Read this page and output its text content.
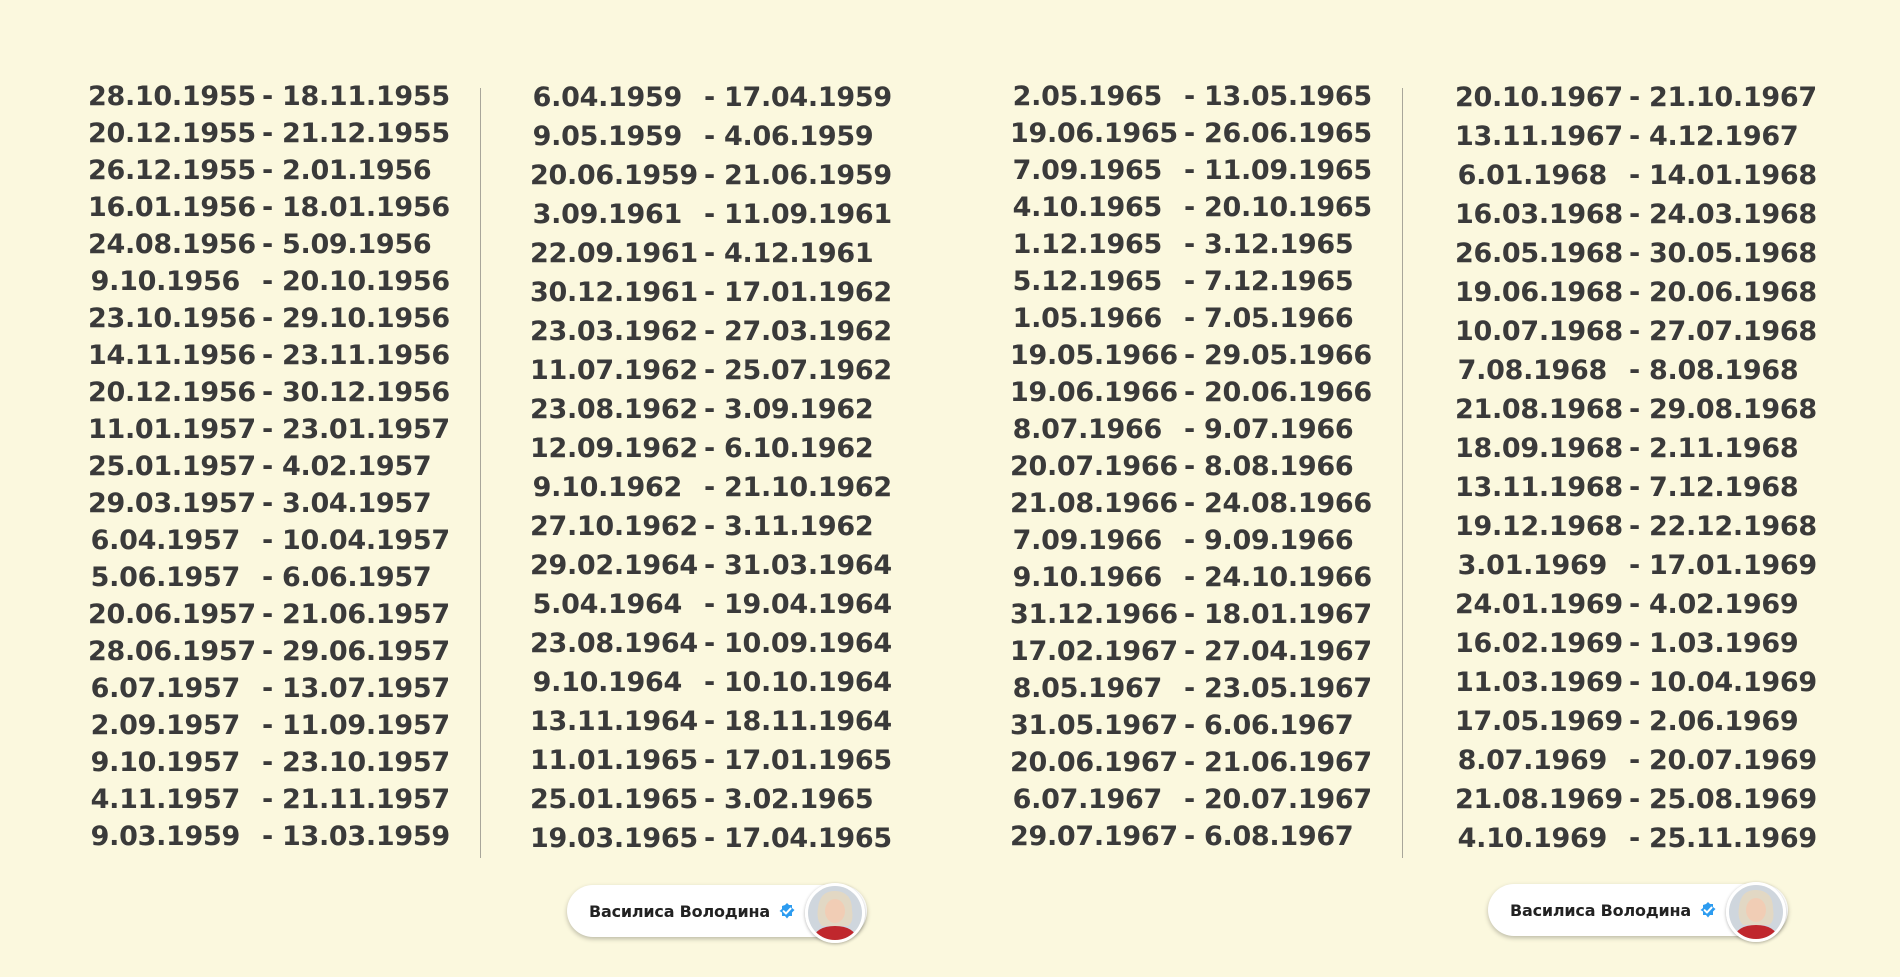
28.10.1955 - 18.11.1955
20.12.1955 - 21.12.1955
26.12.1955 - 2.01.1956
16.01.1956 - 18.01.1956
24.08.1956 - 5.09.1956
9.10.1956 - 20.10.1956
23.10.1956 - 29.10.1956
14.11.1956 - 23.11.1956
20.12.1956 - 30.12.1956
11.01.1957 - 23.01.1957
25.01.1957 - 4.02.1957
29.03.1957 - 3.04.1957
6.04.1957 - 10.04.1957
5.06.1957 - 6.06.1957
20.06.1957 - 21.06.1957
28.06.1957 - 29.06.1957
6.07.1957 - 13.07.1957
2.09.1957 - 11.09.1957
9.10.1957 - 23.10.1957
4.11.1957 - 21.11.1957
9.03.1959 - 13.03.1959
6.04.1959 - 17.04.1959
9.05.1959 - 4.06.1959
20.06.1959 - 21.06.1959
3.09.1961 - 11.09.1961
22.09.1961 - 4.12.1961
30.12.1961 - 17.01.1962
23.03.1962 - 27.03.1962
11.07.1962 - 25.07.1962
23.08.1962 - 3.09.1962
12.09.1962 - 6.10.1962
9.10.1962 - 21.10.1962
27.10.1962 - 3.11.1962
29.02.1964 - 31.03.1964
5.04.1964 - 19.04.1964
23.08.1964 - 10.09.1964
9.10.1964 - 10.10.1964
13.11.1964 - 18.11.1964
11.01.1965 - 17.01.1965
25.01.1965 - 3.02.1965
19.03.1965 - 17.04.1965
2.05.1965 - 13.05.1965
19.06.1965 - 26.06.1965
7.09.1965 - 11.09.1965
4.10.1965 - 20.10.1965
1.12.1965 - 3.12.1965
5.12.1965 - 7.12.1965
1.05.1966 - 7.05.1966
19.05.1966 - 29.05.1966
19.06.1966 - 20.06.1966
8.07.1966 - 9.07.1966
20.07.1966 - 8.08.1966
21.08.1966 - 24.08.1966
7.09.1966 - 9.09.1966
9.10.1966 - 24.10.1966
31.12.1966 - 18.01.1967
17.02.1967 - 27.04.1967
8.05.1967 - 23.05.1967
31.05.1967 - 6.06.1967
20.06.1967 - 21.06.1967
6.07.1967 - 20.07.1967
29.07.1967 - 6.08.1967
20.10.1967 - 21.10.1967
13.11.1967 - 4.12.1967
6.01.1968 - 14.01.1968
16.03.1968 - 24.03.1968
26.05.1968 - 30.05.1968
19.06.1968 - 20.06.1968
10.07.1968 - 27.07.1968
7.08.1968 - 8.08.1968
21.08.1968 - 29.08.1968
18.09.1968 - 2.11.1968
13.11.1968 - 7.12.1968
19.12.1968 - 22.12.1968
3.01.1969 - 17.01.1969
24.01.1969 - 4.02.1969
16.02.1969 - 1.03.1969
11.03.1969 - 10.04.1969
17.05.1969 - 2.06.1969
8.07.1969 - 20.07.1969
21.08.1969 - 25.08.1969
4.10.1969 - 25.11.1969
Василиса Володина	Василиса Володина
